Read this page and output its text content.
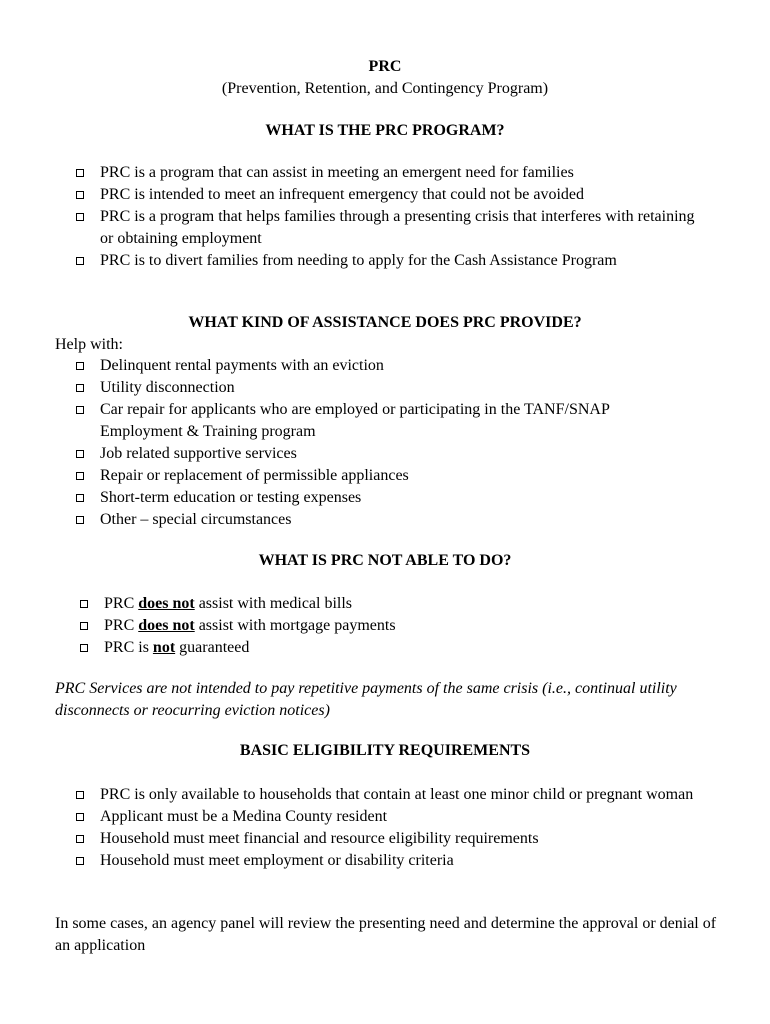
PRC
(Prevention, Retention, and Contingency Program)
WHAT IS THE PRC PROGRAM?
PRC is a program that can assist in meeting an emergent need for families
PRC is intended to meet an infrequent emergency that could not be avoided
PRC is a program that helps families through a presenting crisis that interferes with retaining or obtaining employment
PRC is to divert families from needing to apply for the Cash Assistance Program
WHAT KIND OF ASSISTANCE DOES PRC PROVIDE?
Help with:
Delinquent rental payments with an eviction
Utility disconnection
Car repair for applicants who are employed or participating in the TANF/SNAP Employment & Training program
Job related supportive services
Repair or replacement of permissible appliances
Short-term education or testing expenses
Other – special circumstances
WHAT IS PRC NOT ABLE TO DO?
PRC does not assist with medical bills
PRC does not assist with mortgage payments
PRC is not guaranteed
PRC Services are not intended to pay repetitive payments of the same crisis (i.e., continual utility disconnects or reocurring eviction notices)
BASIC ELIGIBILITY REQUIREMENTS
PRC is only available to households that contain at least one minor child or pregnant woman
Applicant must be a Medina County resident
Household must meet financial and resource eligibility requirements
Household must meet employment or disability criteria
In some cases, an agency panel will review the presenting need and determine the approval or denial of an application
